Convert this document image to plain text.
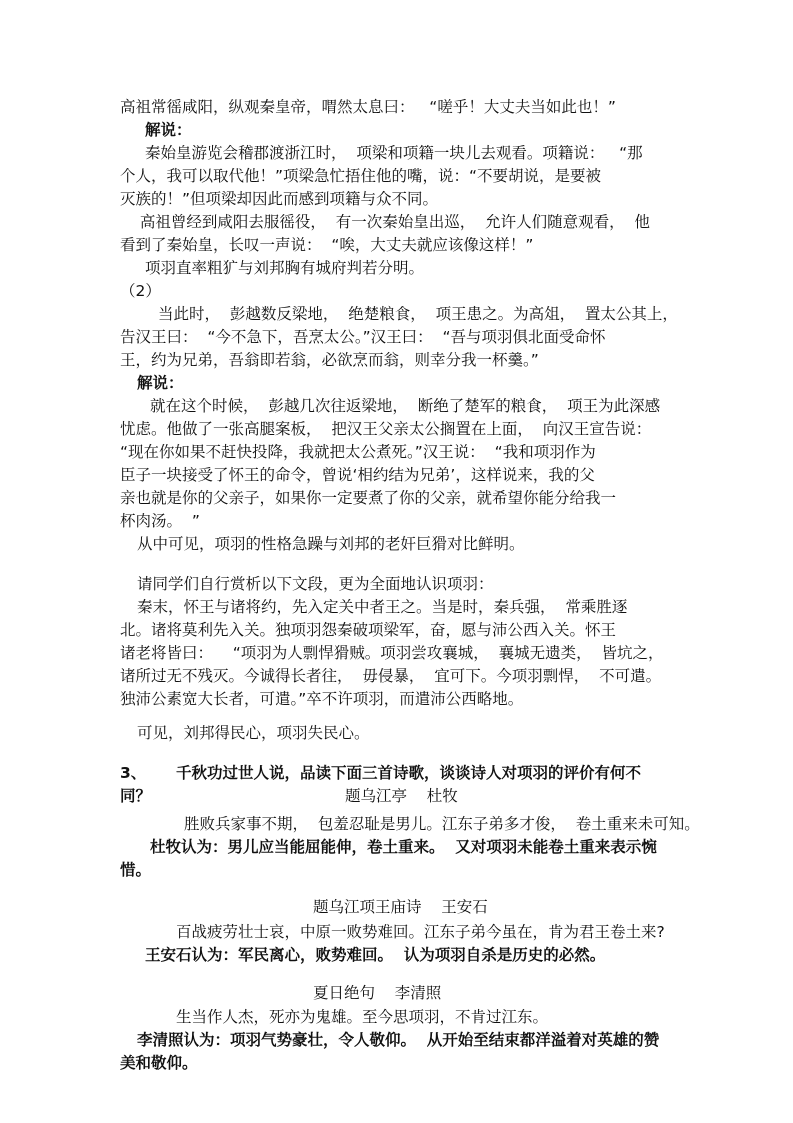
高祖常徭咸阳，纵观秦皇帝，喟然太息曰：   “嗟乎！大丈夫当如此也！”
解说：
秦始皇游览会稽郡渡浙江时，  项梁和项籍一块儿去观看。项籍说：   “那
个人，我可以取代他！”项梁急忙捂住他的嘴，说：“不要胡说，是要被
灭族的！”但项梁却因此而感到项籍与众不同。
高祖曾经到咸阳去服徭役，  有一次秦始皇出巡，  允许人们随意观看，  他
看到了秦始皇，长叹一声说：  “唉，大丈夫就应该像这样！”
项羽直率粗犷与刘邦胸有城府判若分明。
（2）
当此时，  彭越数反梁地，  绝楚粮食，  项王患之。为高俎，  置太公其上，
告汉王曰：  “今不急下，吾烹太公。”汉王曰：  “吾与项羽俱北面受命怀
王，约为兄弟，吾翁即若翁，必欲烹而翁，则幸分我一杯羹。”
解说：
就在这个时候，  彭越几次往返梁地，  断绝了楚军的粮食，  项王为此深感
忧虑。他做了一张高腿案板，  把汉王父亲太公搁置在上面，  向汉王宣告说：
“现在你如果不赶快投降，我就把太公煮死。”汉王说：  “我和项羽作为
臣子一块接受了怀王的命令，曾说‘相约结为兄弟’，这样说来，我的父
亲也就是你的父亲子，如果你一定要煮了你的父亲，就希望你能分给我一
杯肉汤。  ”
从中可见，项羽的性格急躁与刘邦的老奸巨猾对比鲜明。
请同学们自行赏析以下文段，更为全面地认识项羽：
秦末，怀王与诸将约，先入定关中者王之。当是时，秦兵强，  常乘胜逐
北。诸将莫利先入关。独项羽怨秦破项梁军，奋，愿与沛公西入关。怀王
诸老将皆曰：    “项羽为人剽悍猾贼。项羽尝攻襄城，  襄城无遗类，  皆坑之，
诸所过无不残灭。今诚得长者往，  毋侵暴，  宜可下。今项羽剽悍，  不可遣。
独沛公素宽大长者，可遣。”卒不许项羽，而遣沛公西略地。
可见，刘邦得民心，项羽失民心。
3、	千秋功过世人说，品读下面三首诗歌，谈谈诗人对项羽的评价有何不
同？	题乌江亭    杜牧
胜败兵家事不期，  包羞忍耻是男儿。江东子弟多才俊，  卷土重来未可知。
杜牧认为：男儿应当能屈能伸，卷土重来。  又对项羽未能卷土重来表示惋
惜。
题乌江项王庙诗    王安石
百战疲劳壮士哀，中原一败势难回。江东子弟今虽在，肯为君王卷土来?
王安石认为：军民离心，败势难回。  认为项羽自杀是历史的必然。
夏日绝句    李清照
生当作人杰，死亦为鬼雄。至今思项羽，不肯过江东。
李清照认为：项羽气势豪壮，令人敬仰。  从开始至结束都洋溢着对英雄的赞
美和敬仰。
